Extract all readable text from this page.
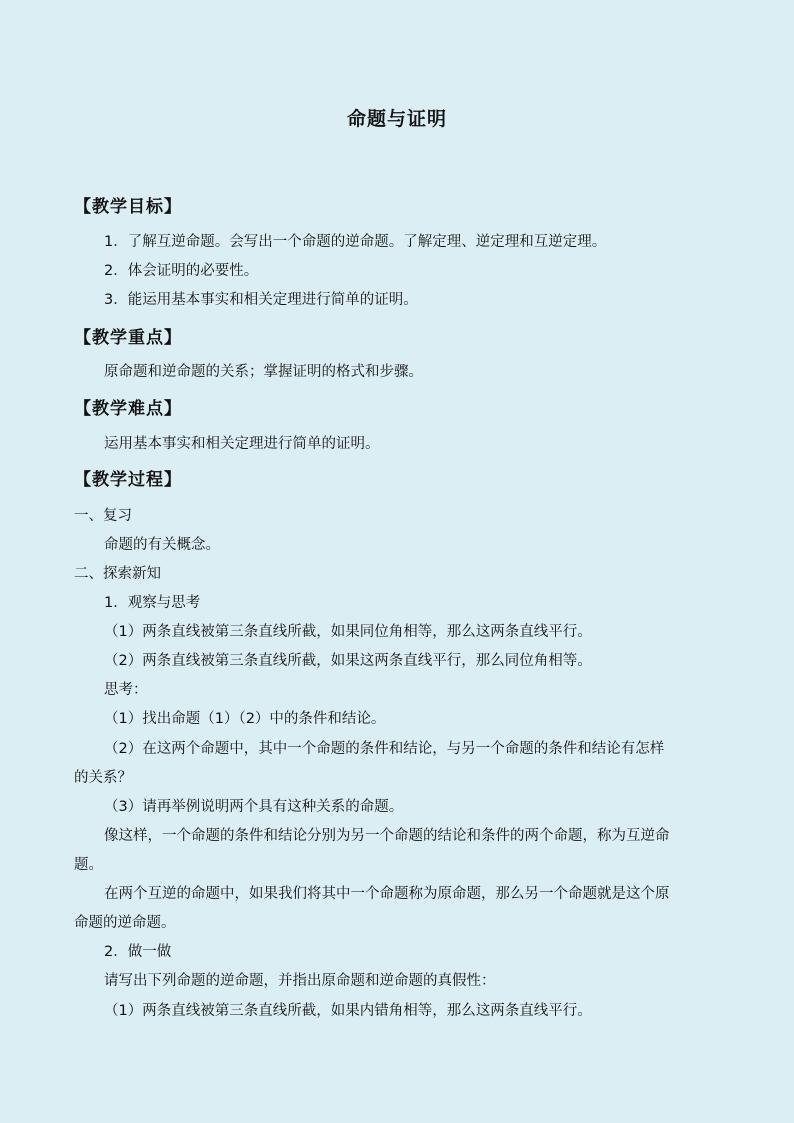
命题与证明
【教学目标】
1．了解互逆命题。会写出一个命题的逆命题。了解定理、逆定理和互逆定理。
2．体会证明的必要性。
3．能运用基本事实和相关定理进行简单的证明。
【教学重点】
原命题和逆命题的关系；掌握证明的格式和步骤。
【教学难点】
运用基本事实和相关定理进行简单的证明。
【教学过程】
一、复习
命题的有关概念。
二、探索新知
1．观察与思考
（1）两条直线被第三条直线所截，如果同位角相等，那么这两条直线平行。
（2）两条直线被第三条直线所截，如果这两条直线平行，那么同位角相等。
思考：
（1）找出命题（1）（2）中的条件和结论。
（2）在这两个命题中，其中一个命题的条件和结论，与另一个命题的条件和结论有怎样
的关系？
（3）请再举例说明两个具有这种关系的命题。
像这样，一个命题的条件和结论分别为另一个命题的结论和条件的两个命题，称为互逆命
题。
在两个互逆的命题中，如果我们将其中一个命题称为原命题，那么另一个命题就是这个原
命题的逆命题。
2．做一做
请写出下列命题的逆命题，并指出原命题和逆命题的真假性：
（1）两条直线被第三条直线所截，如果内错角相等，那么这两条直线平行。
